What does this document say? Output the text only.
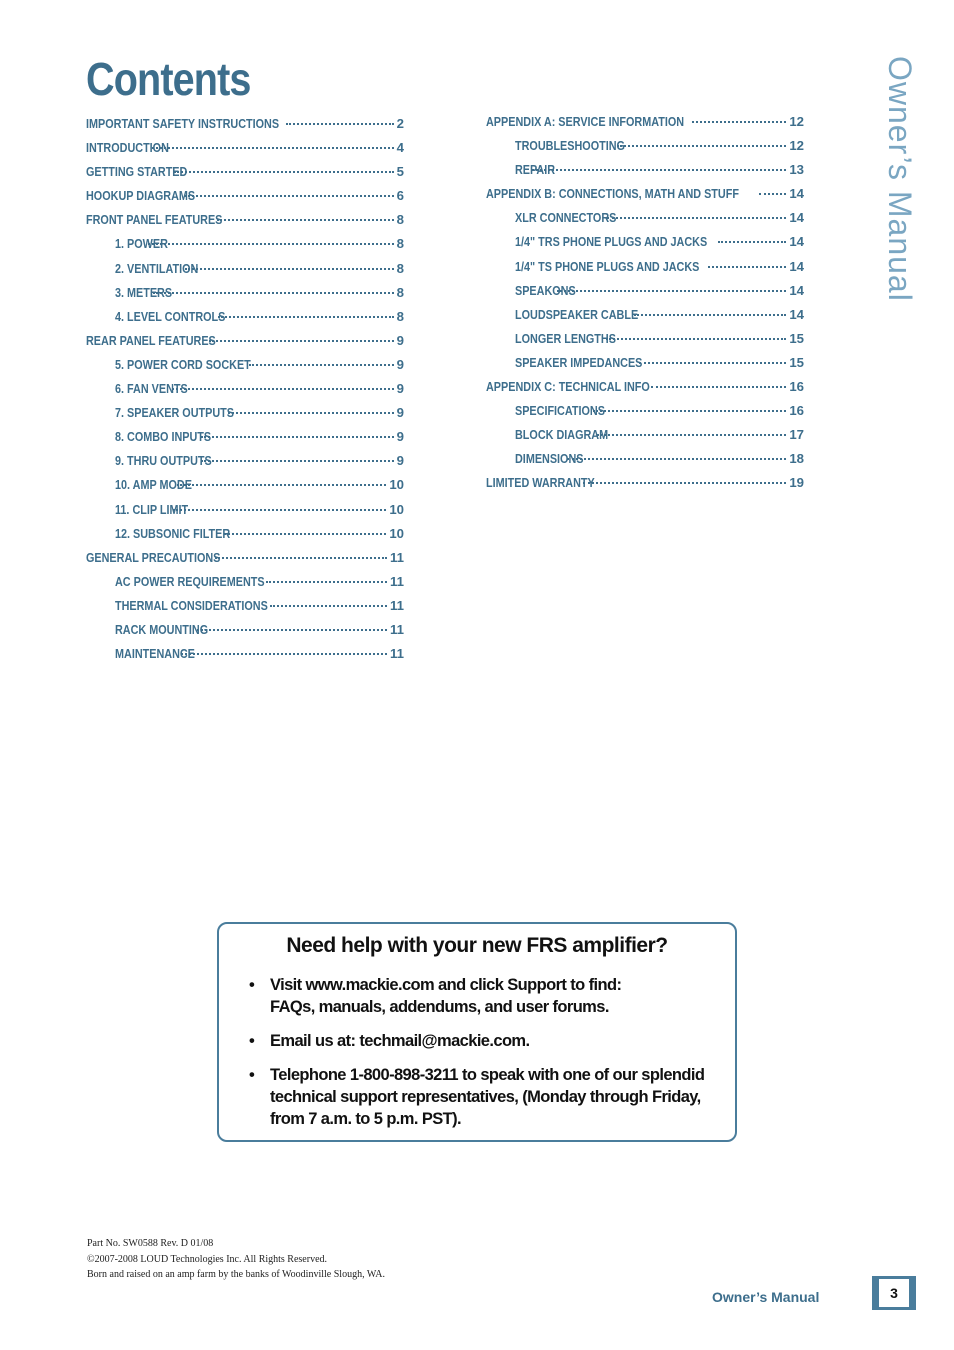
Contents	Owner’s Manual
IMPORTANT SAFETY INSTRUCTIONS	2
INTRODUCTION	4
GETTING STARTED	5
HOOKUP DIAGRAMS	6
FRONT PANEL FEATURES	8
1. POWER	8
2. VENTILATION	8
3. METERS	8
4. LEVEL CONTROLS	8
REAR PANEL FEATURES	9
5. POWER CORD SOCKET	9
6. FAN VENTS	9
7. SPEAKER OUTPUTS	9
8. COMBO INPUTS	9
9. THRU OUTPUTS	9
10. AMP MODE	10
11. CLIP LIMIT	10
12. SUBSONIC FILTER	10
GENERAL PRECAUTIONS	11
AC POWER REQUIREMENTS	11
THERMAL CONSIDERATIONS	11
RACK MOUNTING	11
MAINTENANCE	11
APPENDIX A: SERVICE INFORMATION	12
TROUBLESHOOTING	12
REPAIR	13
APPENDIX B: CONNECTIONS, MATH AND STUFF	14
XLR CONNECTORS	14
1/4" TRS PHONE PLUGS AND JACKS	14
1/4" TS PHONE PLUGS AND JACKS	14
SPEAKONS	14
LOUDSPEAKER CABLE	14
LONGER LENGTHS	15
SPEAKER IMPEDANCES	15
APPENDIX C: TECHNICAL INFO	16
SPECIFICATIONS	16
BLOCK DIAGRAM	17
DIMENSIONS	18
LIMITED WARRANTY	19
Need help with your new FRS amplifier?
• Visit www.mackie.com and click Support to find:
FAQs, manuals, addendums, and user forums.
• Email us at: techmail@mackie.com.
• Telephone 1-800-898-3211 to speak with one of our splendid
technical support representatives, (Monday through Friday,
from 7 a.m. to 5 p.m. PST).
Part No. SW0588 Rev. D 01/08
©2007-2008 LOUD Technologies Inc. All Rights Reserved.
Born and raised on an amp farm by the banks of Woodinville Slough, WA.
Owner’s Manual	3
